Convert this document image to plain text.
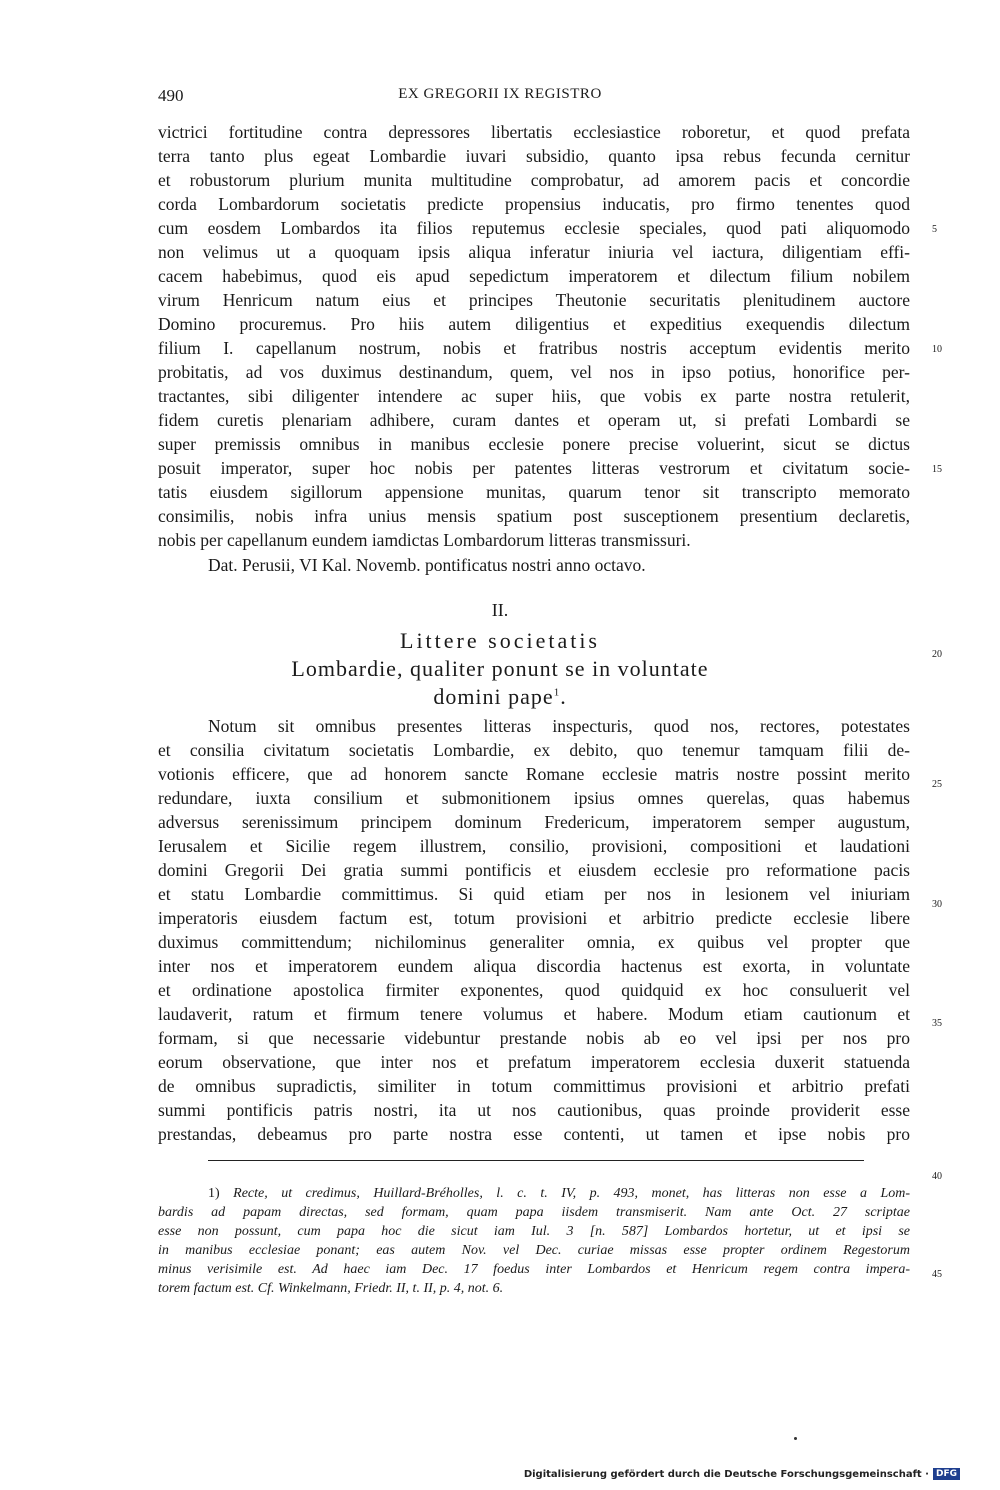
490	EX GREGORII IX REGISTRO
victrici fortitudine contra depressores libertatis ecclesiastice roboretur, et quod prefata
terra tanto plus egeat Lombardie iuvari subsidio, quanto ipsa rebus fecunda cernitur
et robustorum plurium munita multitudine comprobatur, ad amorem pacis et concordie
corda Lombardorum societatis predicte propensius inducatis, pro firmo tenentes quod
cum eosdem Lombardos ita filios reputemus ecclesie speciales, quod pati aliquomodo
non velimus ut a quoquam ipsis aliqua inferatur iniuria vel iactura, diligentiam effi-
cacem habebimus, quod eis apud sepedictum imperatorem et dilectum filium nobilem
virum Henricum natum eius et principes Theutonie securitatis plenitudinem auctore
Domino procuremus. Pro hiis autem diligentius et expeditius exequendis dilectum
filium I. capellanum nostrum, nobis et fratribus nostris acceptum evidentis merito
probitatis, ad vos duximus destinandum, quem, vel nos in ipso potius, honorifice per-
tractantes, sibi diligenter intendere ac super hiis, que vobis ex parte nostra retulerit,
fidem curetis plenariam adhibere, curam dantes et operam ut, si prefati Lombardi se
super premissis omnibus in manibus ecclesie ponere precise voluerint, sicut se dictus
posuit imperator, super hoc nobis per patentes litteras vestrorum et civitatum socie-
tatis eiusdem sigillorum appensione munitas, quarum tenor sit transcripto memorato
consimilis, nobis infra unius mensis spatium post susceptionem presentium declaretis,
nobis per capellanum eundem iamdictas Lombardorum litteras transmissuri.
Dat. Perusii, VI Kal. Novemb. pontificatus nostri anno octavo.
II.
Littere societatis
Lombardie, qualiter ponunt se in voluntate
domini pape$^1$.
Notum sit omnibus presentes litteras inspecturis, quod nos, rectores, potestates
et consilia civitatum societatis Lombardie, ex debito, quo tenemur tamquam filii de-
votionis efficere, que ad honorem sancte Romane ecclesie matris nostre possint merito
redundare, iuxta consilium et submonitionem ipsius omnes querelas, quas habemus
adversus serenissimum principem dominum Fredericum, imperatorem semper augustum,
Ierusalem et Sicilie regem illustrem, consilio, provisioni, compositioni et laudationi
domini Gregorii Dei gratia summi pontificis et eiusdem ecclesie pro reformatione pacis
et statu Lombardie committimus. Si quid etiam per nos in lesionem vel iniuriam
imperatoris eiusdem factum est, totum provisioni et arbitrio predicte ecclesie libere
duximus committendum; nichilominus generaliter omnia, ex quibus vel propter que
inter nos et imperatorem eundem aliqua discordia hactenus est exorta, in voluntate
et ordinatione apostolica firmiter exponentes, quod quidquid ex hoc consuluerit vel
laudaverit, ratum et firmum tenere volumus et habere. Modum etiam cautionum et
formam, si que necessarie videbuntur prestande nobis ab eo vel ipsi per nos pro
eorum observatione, que inter nos et prefatum imperatorem ecclesia duxerit statuenda
de omnibus supradictis, similiter in totum committimus provisioni et arbitrio prefati
summi pontificis patris nostri, ita ut nos cautionibus, quas proinde providerit esse
prestandas, debeamus pro parte nostra esse contenti, ut tamen et ipse nobis pro
5
10
15
20
25
30
35
40
45
1) Recte, ut credimus, Huillard-Bréholles, l. c. t. IV, p. 493, monet, has litteras non esse a Lom-
bardis ad papam directas, sed formam, quam papa iisdem transmiserit. Nam ante Oct. 27 scriptae
esse non possunt, cum papa hoc die sicut iam Iul. 3 [n. 587] Lombardos hortetur, ut et ipsi se
in manibus ecclesiae ponant; eas autem Nov. vel Dec. curiae missas esse propter ordinem Regestorum
minus verisimile est. Ad haec iam Dec. 17 foedus inter Lombardos et Henricum regem contra impera-
torem factum est. Cf. Winkelmann, Friedr. II, t. II, p. 4, not. 6.
Digitalisierung gefördert durch die Deutsche Forschungsgemeinschaft · DFG
